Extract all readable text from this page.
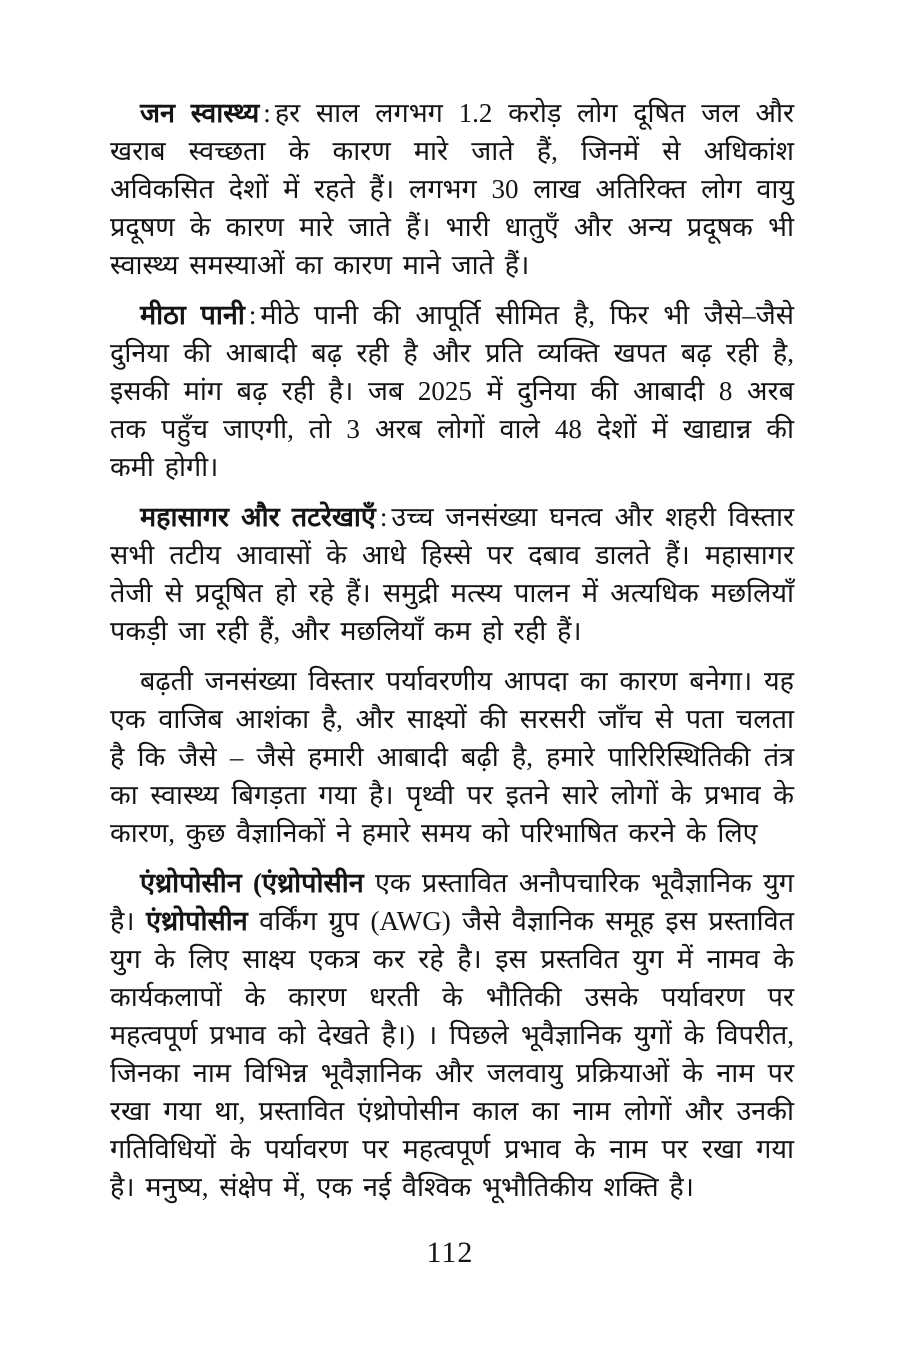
जन स्वास्थ्य : हर साल लगभग 1.2 करोड़ लोग दूषित जल और खराब स्वच्छता के कारण मारे जाते हैं, जिनमें से अधिकांश अविकसित देशों में रहते हैं। लगभग 30 लाख अतिरिक्त लोग वायु प्रदूषण के कारण मारे जाते हैं। भारी धातुएँ और अन्य प्रदूषक भी स्वास्थ्य समस्याओं का कारण माने जाते हैं।

मीठा पानी : मीठे पानी की आपूर्ति सीमित है, फिर भी जैसे–जैसे दुनिया की आबादी बढ़ रही है और प्रति व्यक्ति खपत बढ़ रही है, इसकी मांग बढ़ रही है। जब 2025 में दुनिया की आबादी 8 अरब तक पहुँच जाएगी, तो 3 अरब लोगों वाले 48 देशों में खाद्यान्न की कमी होगी।

महासागर और तटरेखाएँ : उच्च जनसंख्या घनत्व और शहरी विस्तार सभी तटीय आवासों के आधे हिस्से पर दबाव डालते हैं। महासागर तेजी से प्रदूषित हो रहे हैं। समुद्री मत्स्य पालन में अत्यधिक मछलियाँ पकड़ी जा रही हैं, और मछलियाँ कम हो रही हैं।

बढ़ती जनसंख्या विस्तार पर्यावरणीय आपदा का कारण बनेगा। यह एक वाजिब आशंका है, और साक्ष्यों की सरसरी जाँच से पता चलता है कि जैसे – जैसे हमारी आबादी बढ़ी है, हमारे पारिरिस्थितिकी तंत्र का स्वास्थ्य बिगड़ता गया है। पृथ्वी पर इतने सारे लोगों के प्रभाव के कारण, कुछ वैज्ञानिकों ने हमारे समय को परिभाषित करने के लिए

एंथ्रोपोसीन (एंथ्रोपोसीन एक प्रस्तावित अनौपचारिक भूवैज्ञानिक युग है। एंथ्रोपोसीन वर्किंग ग्रुप (AWG) जैसे वैज्ञानिक समूह इस प्रस्तावित युग के लिए साक्ष्य एकत्र कर रहे है। इस प्रस्तवित युग में नामव के कार्यकलापों के कारण धरती के भौतिकी उसके पर्यावरण पर महत्वपूर्ण प्रभाव को देखते है।) । पिछले भूवैज्ञानिक युगों के विपरीत, जिनका नाम विभिन्न भूवैज्ञानिक और जलवायु प्रक्रियाओं के नाम पर रखा गया था, प्रस्तावित एंथ्रोपोसीन काल का नाम लोगों और उनकी गतिविधियों के पर्यावरण पर महत्वपूर्ण प्रभाव के नाम पर रखा गया है। मनुष्य, संक्षेप में, एक नई वैश्विक भूभौतिकीय शक्ति है।

112
